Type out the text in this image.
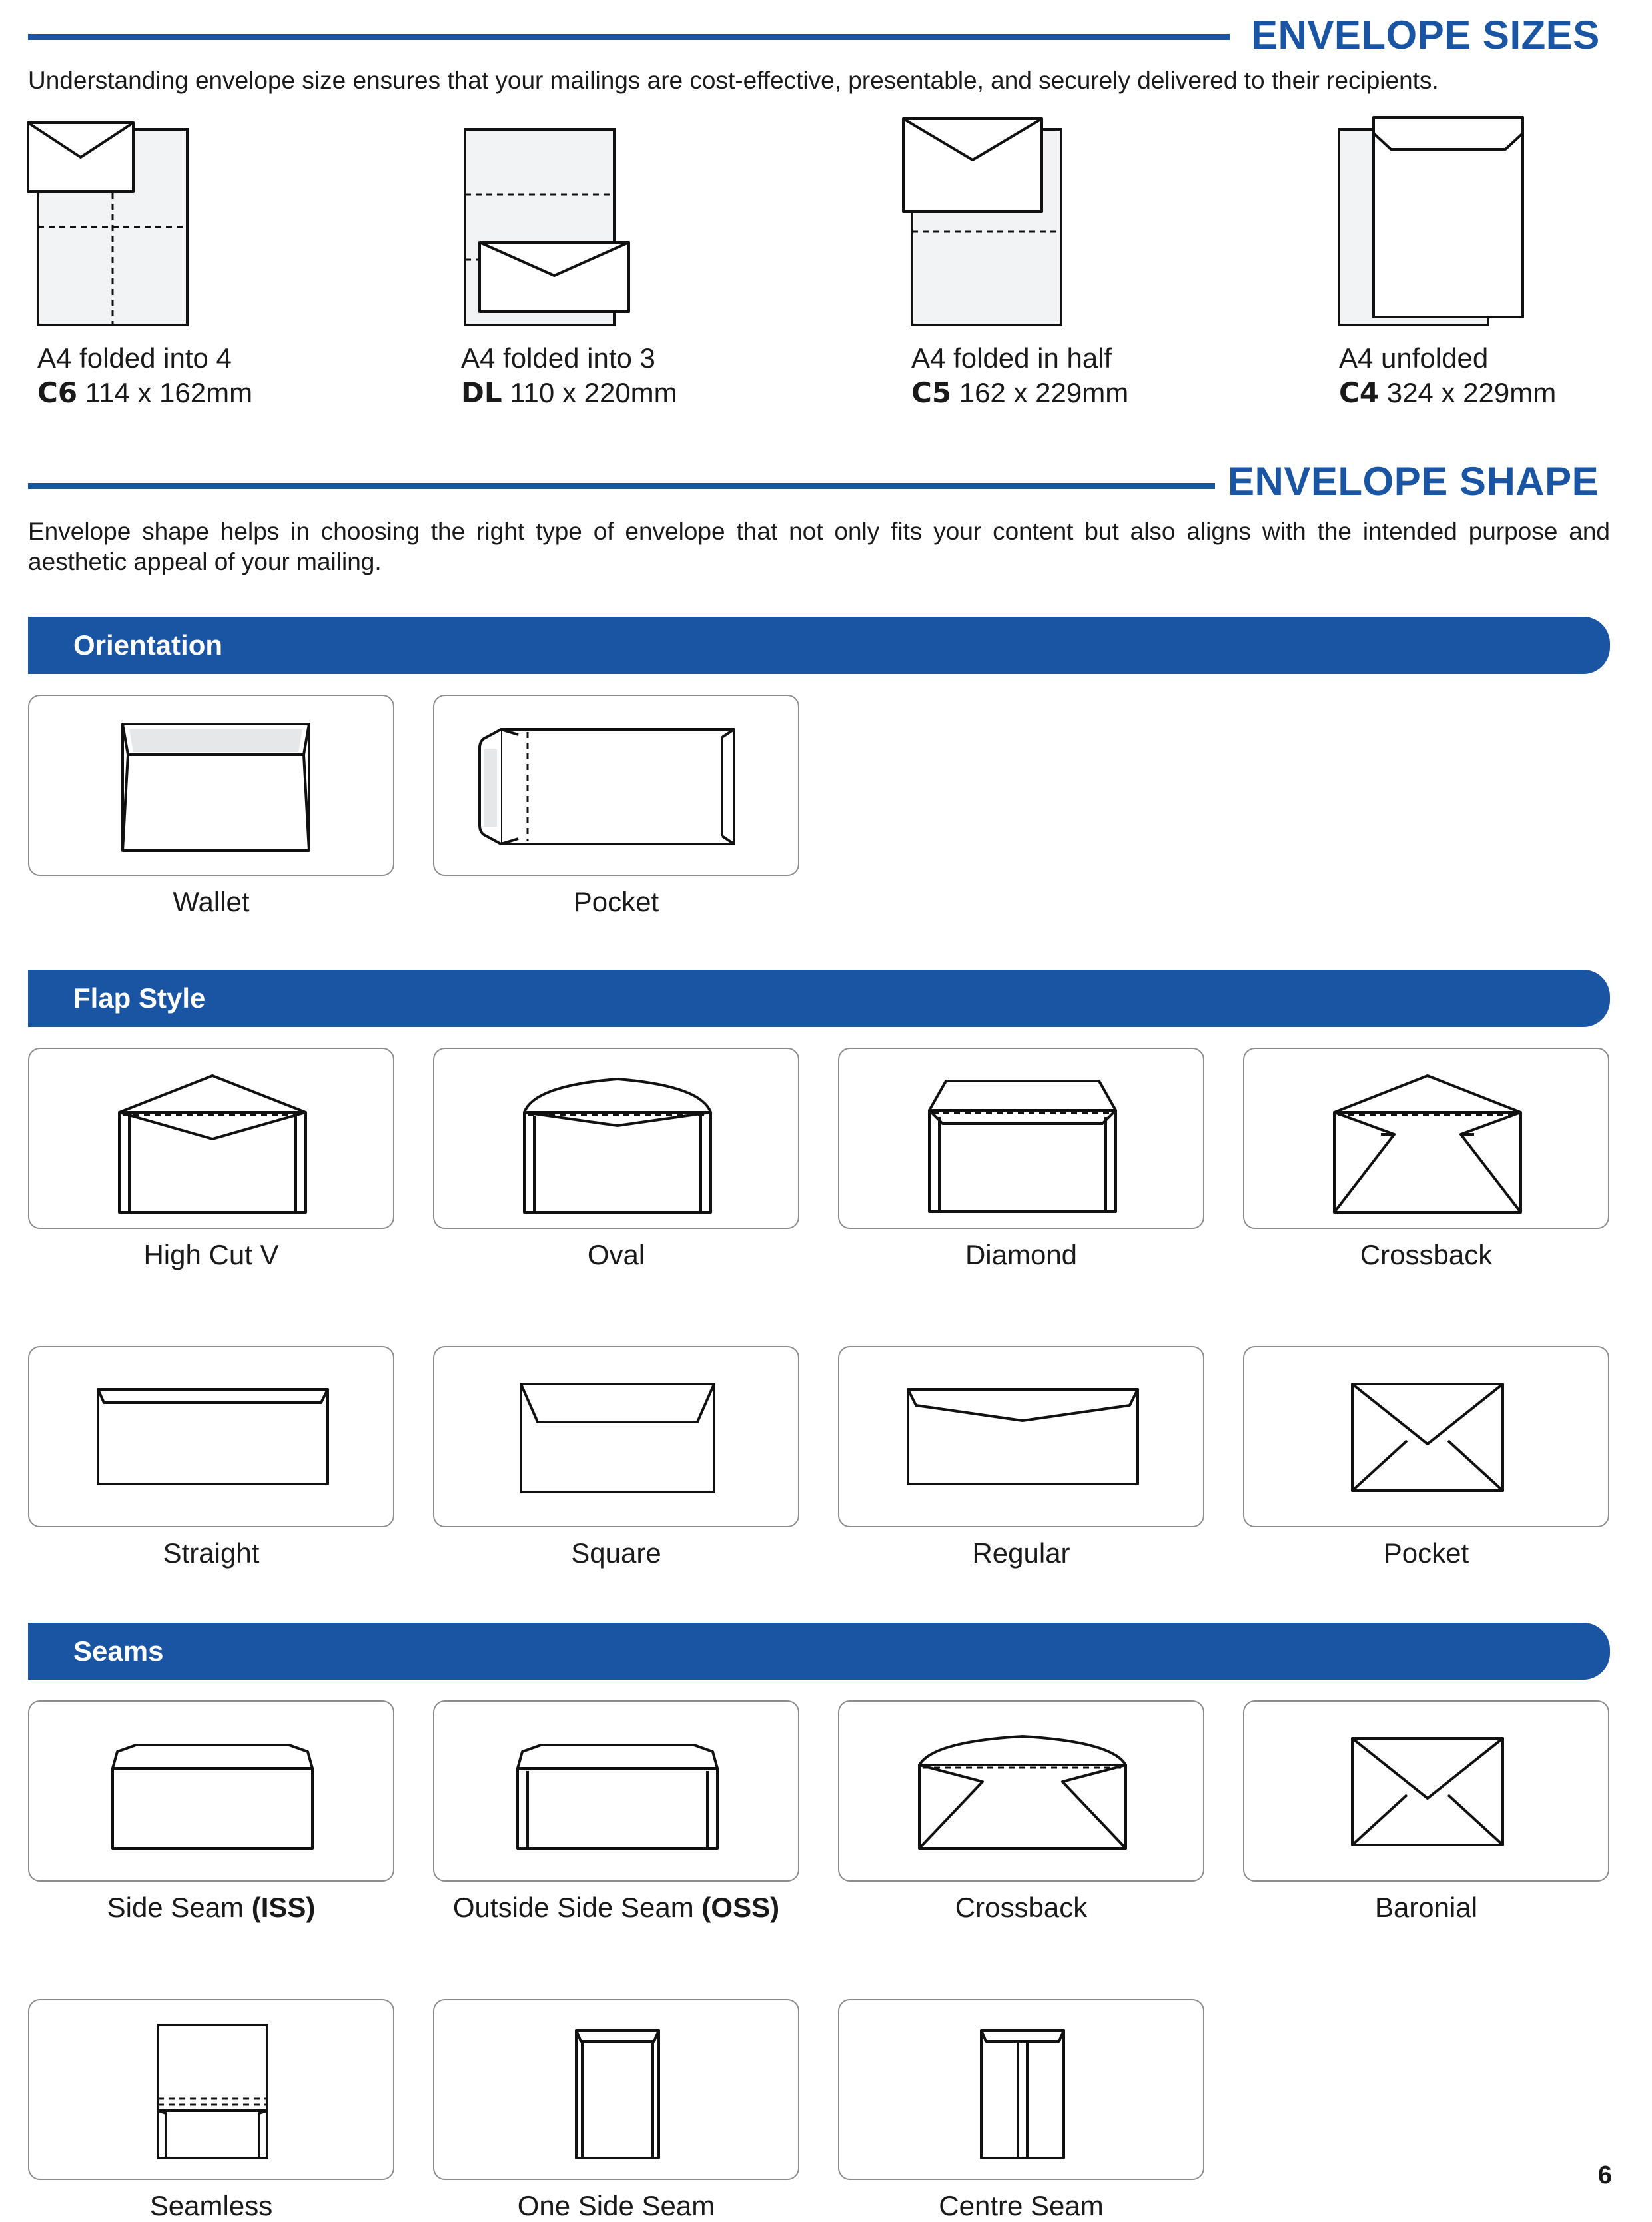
ENVELOPE SIZES
Understanding envelope size ensures that your mailings are cost-effective, presentable, and securely delivered to their recipients.
A4 folded into 4
C6 114 x 162mm
A4 folded into 3
DL 110 x 220mm
A4 folded in half
C5 162 x 229mm
A4 unfolded
C4 324 x 229mm
ENVELOPE SHAPE
Envelope shape helps in choosing the right type of envelope that not only fits your content but also aligns with the intended purpose and aesthetic appeal of your mailing.
Orientation
Wallet	Pocket
Flap Style
High Cut V	Oval	Diamond	Crossback
Straight	Square	Regular	Pocket
Seams
Side Seam (ISS)	Outside Side Seam (OSS)	Crossback	Baronial
Seamless	One Side Seam	Centre Seam
6
